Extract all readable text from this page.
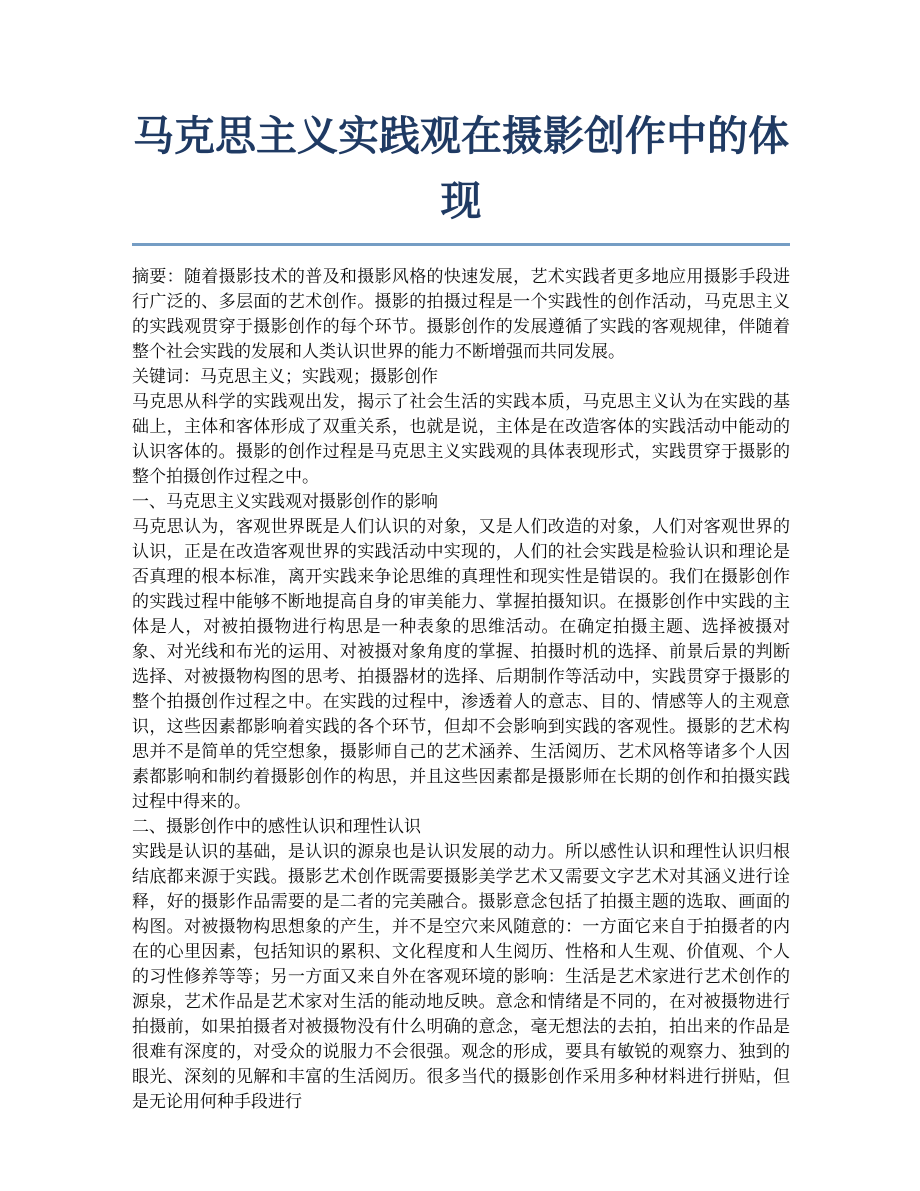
马克思主义实践观在摄影创作中的体现

摘要：随着摄影技术的普及和摄影风格的快速发展，艺术实践者更多地应用摄影手段进行广泛的、多层面的艺术创作。摄影的拍摄过程是一个实践性的创作活动，马克思主义的实践观贯穿于摄影创作的每个环节。摄影创作的发展遵循了实践的客观规律，伴随着整个社会实践的发展和人类认识世界的能力不断增强而共同发展。

关键词：马克思主义；实践观；摄影创作

马克思从科学的实践观出发，揭示了社会生活的实践本质，马克思主义认为在实践的基础上，主体和客体形成了双重关系，也就是说，主体是在改造客体的实践活动中能动的认识客体的。摄影的创作过程是马克思主义实践观的具体表现形式，实践贯穿于摄影的整个拍摄创作过程之中。

一、马克思主义实践观对摄影创作的影响

马克思认为，客观世界既是人们认识的对象，又是人们改造的对象，人们对客观世界的认识，正是在改造客观世界的实践活动中实现的，人们的社会实践是检验认识和理论是否真理的根本标准，离开实践来争论思维的真理性和现实性是错误的。我们在摄影创作的实践过程中能够不断地提高自身的审美能力、掌握拍摄知识。在摄影创作中实践的主体是人，对被拍摄物进行构思是一种表象的思维活动。在确定拍摄主题、选择被摄对象、对光线和布光的运用、对被摄对象角度的掌握、拍摄时机的选择、前景后景的判断选择、对被摄物构图的思考、拍摄器材的选择、后期制作等活动中，实践贯穿于摄影的整个拍摄创作过程之中。在实践的过程中，渗透着人的意志、目的、情感等人的主观意识，这些因素都影响着实践的各个环节，但却不会影响到实践的客观性。摄影的艺术构思并不是简单的凭空想象，摄影师自己的艺术涵养、生活阅历、艺术风格等诸多个人因素都影响和制约着摄影创作的构思，并且这些因素都是摄影师在长期的创作和拍摄实践过程中得来的。

二、摄影创作中的感性认识和理性认识

实践是认识的基础，是认识的源泉也是认识发展的动力。所以感性认识和理性认识归根结底都来源于实践。摄影艺术创作既需要摄影美学艺术又需要文字艺术对其涵义进行诠释，好的摄影作品需要的是二者的完美融合。摄影意念包括了拍摄主题的选取、画面的构图。对被摄物构思想象的产生，并不是空穴来风随意的：一方面它来自于拍摄者的内在的心里因素，包括知识的累积、文化程度和人生阅历、性格和人生观、价值观、个人的习性修养等等；另一方面又来自外在客观环境的影响：生活是艺术家进行艺术创作的源泉，艺术作品是艺术家对生活的能动地反映。意念和情绪是不同的，在对被摄物进行拍摄前，如果拍摄者对被摄物没有什么明确的意念，毫无想法的去拍，拍出来的作品是很难有深度的，对受众的说服力不会很强。观念的形成，要具有敏锐的观察力、独到的眼光、深刻的见解和丰富的生活阅历。很多当代的摄影创作采用多种材料进行拼贴，但是无论用何种手段进行
